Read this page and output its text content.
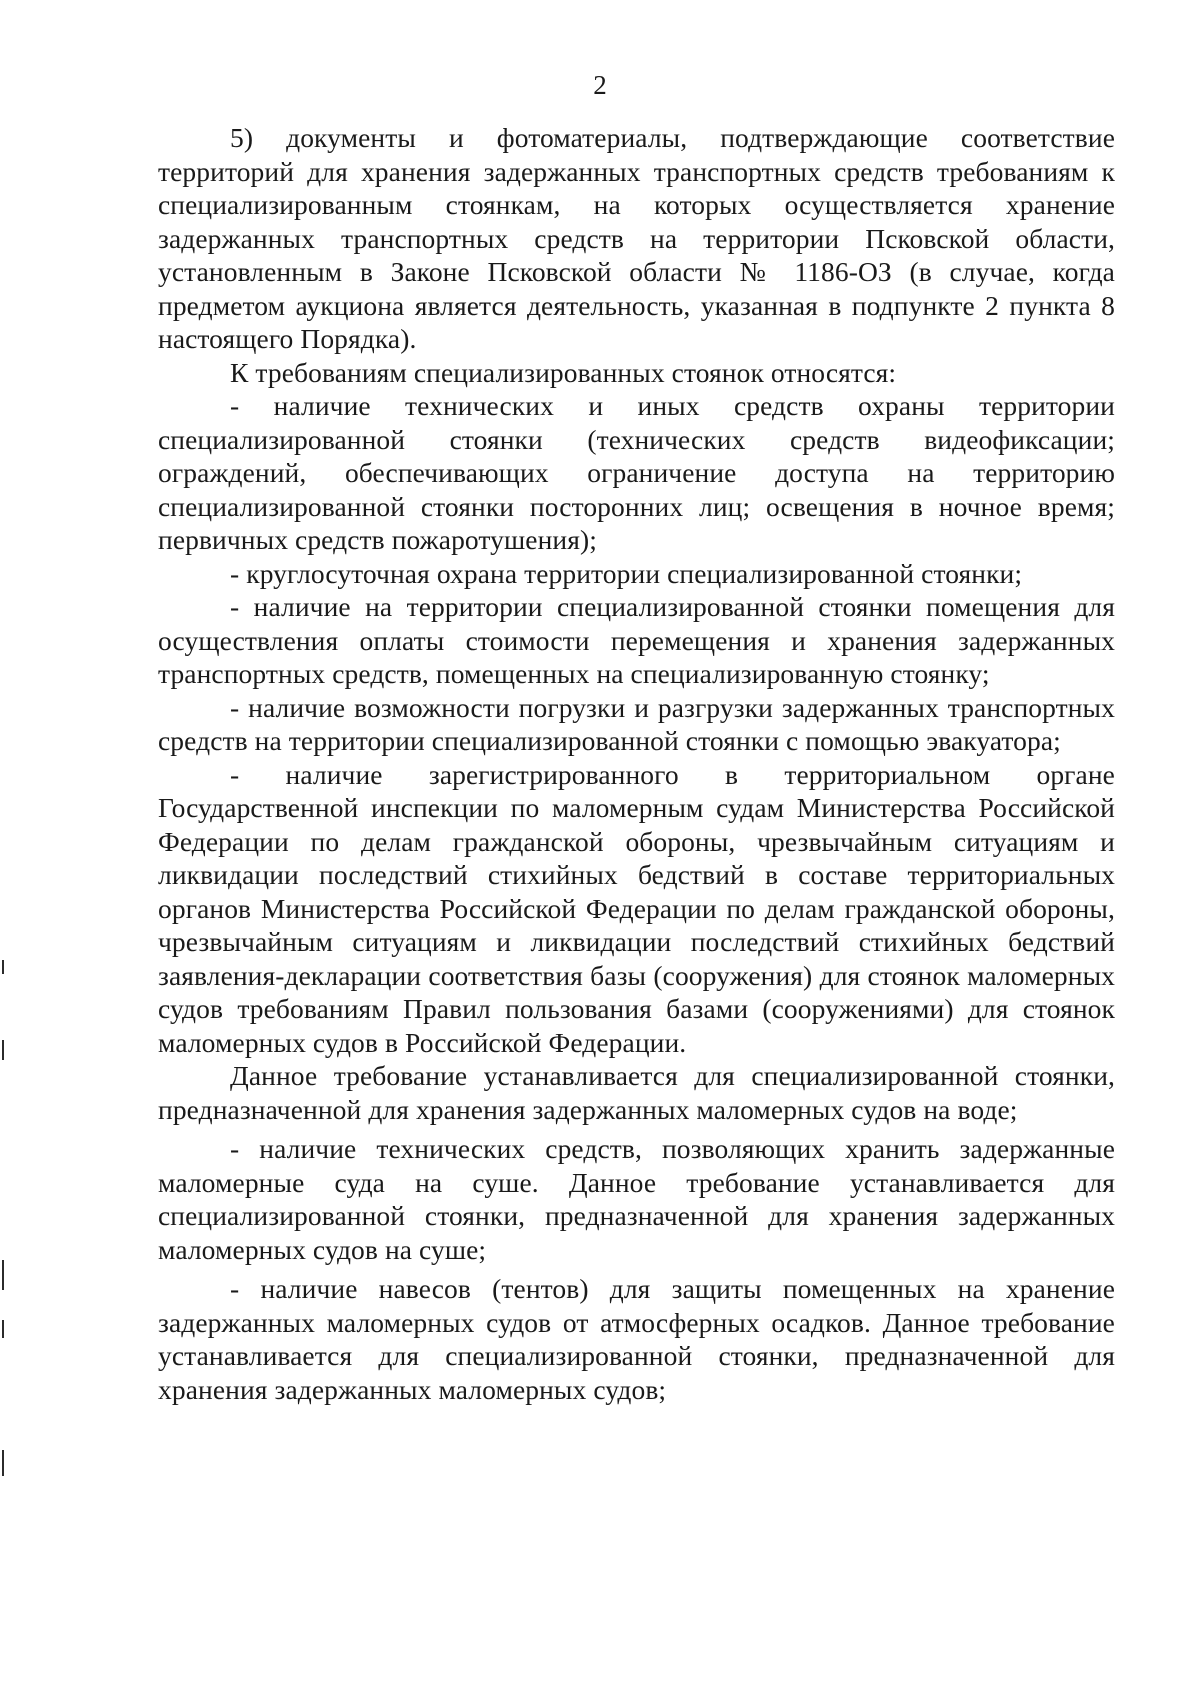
2

5) документы и фотоматериалы, подтверждающие соответствие территорий для хранения задержанных транспортных средств требованиям к специализированным стоянкам, на которых осуществляется хранение задержанных транспортных средств на территории Псковской области, установленным в Законе Псковской области № 1186-ОЗ (в случае, когда предметом аукциона является деятельность, указанная в подпункте 2 пункта 8 настоящего Порядка).

К требованиям специализированных стоянок относятся:

- наличие технических и иных средств охраны территории специализированной стоянки (технических средств видеофиксации; ограждений, обеспечивающих ограничение доступа на территорию специализированной стоянки посторонних лиц; освещения в ночное время; первичных средств пожаротушения);

- круглосуточная охрана территории специализированной стоянки;

- наличие на территории специализированной стоянки помещения для осуществления оплаты стоимости перемещения и хранения задержанных транспортных средств, помещенных на специализированную стоянку;

- наличие возможности погрузки и разгрузки задержанных транспортных средств на территории специализированной стоянки с помощью эвакуатора;

- наличие зарегистрированного в территориальном органе Государственной инспекции по маломерным судам Министерства Российской Федерации по делам гражданской обороны, чрезвычайным ситуациям и ликвидации последствий стихийных бедствий в составе территориальных органов Министерства Российской Федерации по делам гражданской обороны, чрезвычайным ситуациям и ликвидации последствий стихийных бедствий заявления-декларации соответствия базы (сооружения) для стоянок маломерных судов требованиям Правил пользования базами (сооружениями) для стоянок маломерных судов в Российской Федерации.

Данное требование устанавливается для специализированной стоянки, предназначенной для хранения задержанных маломерных судов на воде;

- наличие технических средств, позволяющих хранить задержанные маломерные суда на суше. Данное требование устанавливается для специализированной стоянки, предназначенной для хранения задержанных маломерных судов на суше;

- наличие навесов (тентов) для защиты помещенных на хранение задержанных маломерных судов от атмосферных осадков. Данное требование устанавливается для специализированной стоянки, предназначенной для хранения задержанных маломерных судов;
